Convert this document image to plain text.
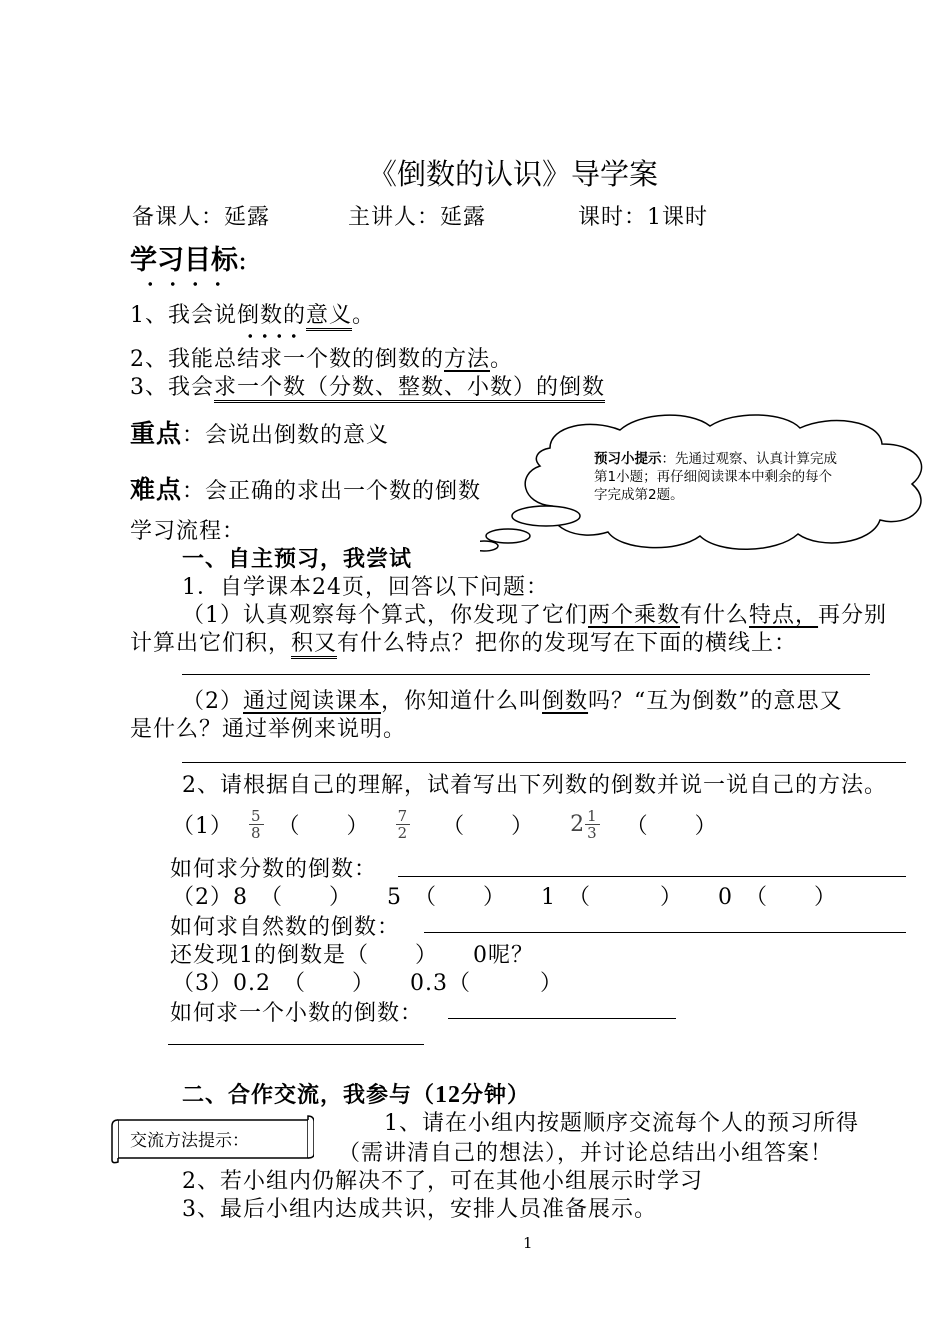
《倒数的认识》导学案
备课人：延露	主讲人：延露	课时：1课时
学习目标:
1、我会说倒数的意义。
2、我能总结求一个数的倒数的方法。
3、我会求一个数（分数、整数、小数）的倒数
重点：会说出倒数的意义
难点：会正确的求出一个数的倒数
预习小提示：先通过观察、认真计算完成第1小题；再仔细阅读课本中剩余的每个字完成第2题。
学习流程：
一、自主预习，我尝试
1．自学课本24页，回答以下问题：
（1）认真观察每个算式，你发现了它们两个乘数有什么特点，再分别
计算出它们积，积又有什么特点？把你的发现写在下面的横线上：
（2）通过阅读课本，你知道什么叫倒数吗？“互为倒数”的意思又
是什么？通过举例来说明。
2、请根据自己的理解，试着写出下列数的倒数并说一说自己的方法。
$(1) \frac{5}{8}$ （　　） $\frac{7}{2}$ （　　） $2 \frac{1}{3}$ （　　）
如何求分数的倒数：
（2）8　（　　）　　5　（　　）　　1　（　　　）　　0　（　　）
如何求自然数的倒数：
还发现1的倒数是（　　）　　0呢？
（3）0.2　（　　）　　0.3（　　　）
如何求一个小数的倒数：
二、合作交流，我参与（12分钟）
交流方法提示：
1、请在小组内按题顺序交流每个人的预习所得
（需讲清自己的想法），并讨论总结出小组答案！
2、若小组内仍解决不了，可在其他小组展示时学习
3、最后小组内达成共识，安排人员准备展示。
1
